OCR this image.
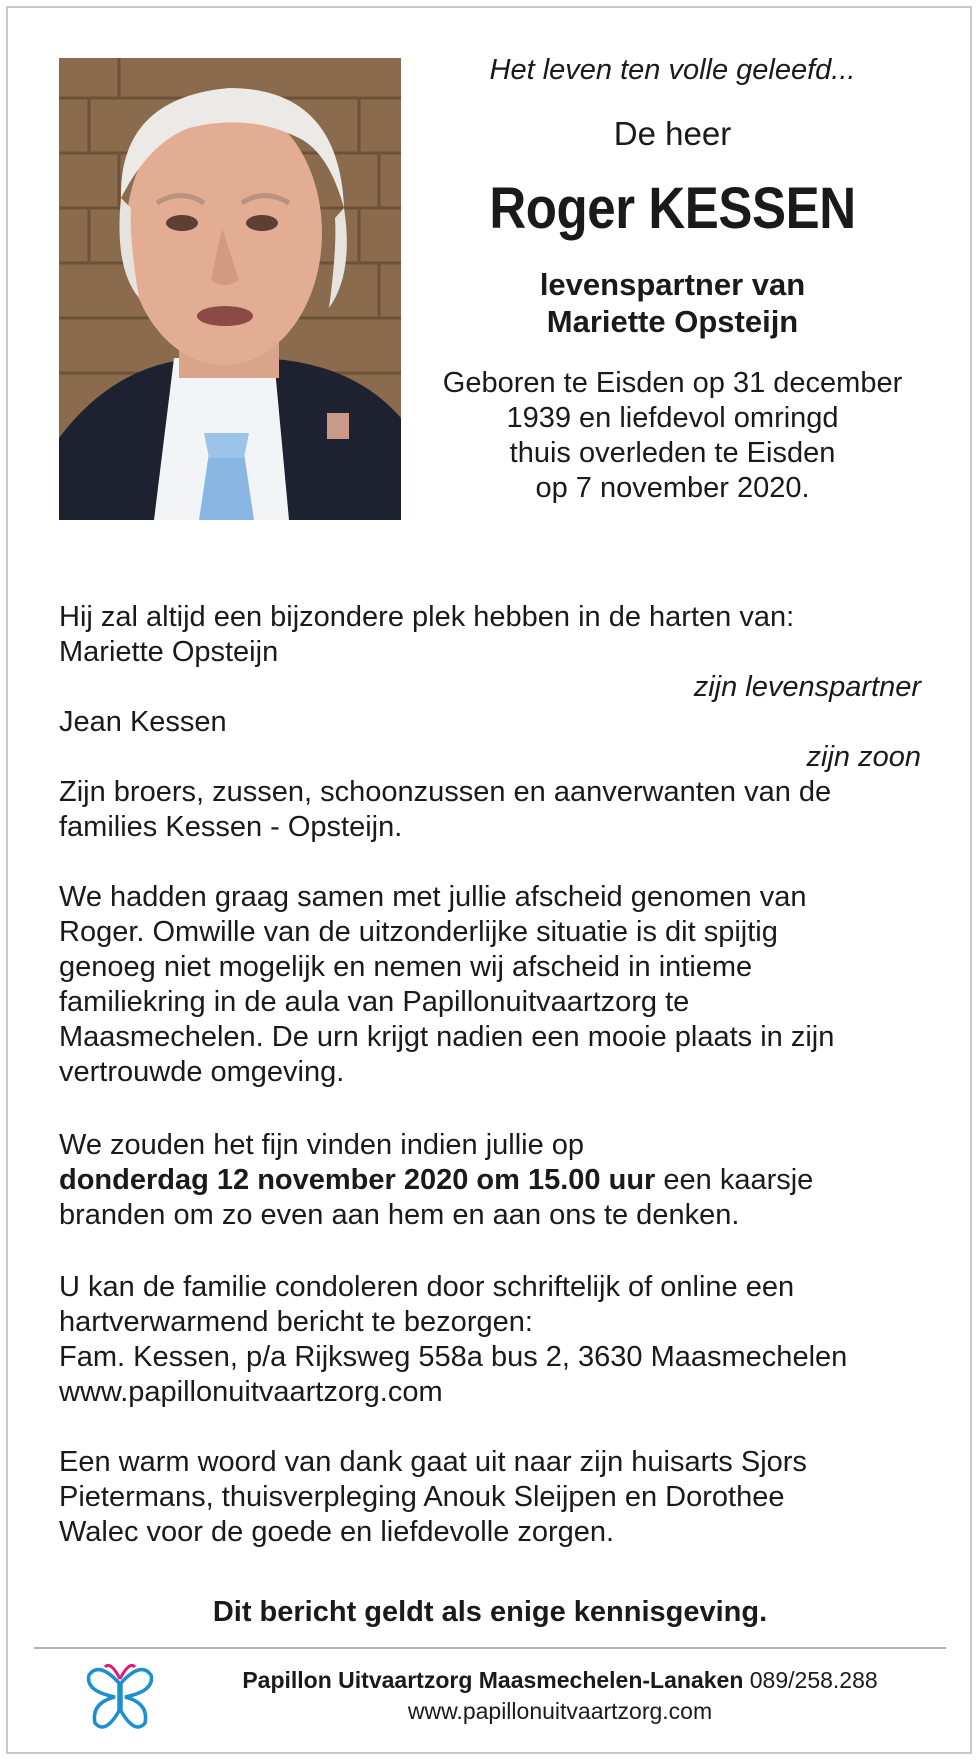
Het leven ten volle geleefd...

De heer

Roger KESSEN

levenspartner van

Mariette Opsteijn

Geboren te Eisden op 31 december
1939 en liefdevol omringd
thuis overleden te Eisden
op 7 november 2020.

Hij zal altijd een bijzondere plek hebben in de harten van:

Mariette Opsteijn

zijn levenspartner

Jean Kessen

zijn zoon

Zijn broers, zussen, schoonzussen en aanverwanten van de

families Kessen - Opsteijn.

We hadden graag samen met jullie afscheid genomen van

Roger. Omwille van de uitzonderlijke situatie is dit spijtig

genoeg niet mogelijk en nemen wij afscheid in intieme

familiekring in de aula van Papillonuitvaartzorg te

Maasmechelen. De urn krijgt nadien een mooie plaats in zijn

vertrouwde omgeving.

We zouden het fijn vinden indien jullie op

donderdag 12 november 2020 om 15.00 uur een kaarsje

branden om zo even aan hem en aan ons te denken.

U kan de familie condoleren door schriftelijk of online een

hartverwarmend bericht te bezorgen:

Fam. Kessen, p/a Rijksweg 558a bus 2, 3630 Maasmechelen

www.papillonuitvaartzorg.com

Een warm woord van dank gaat uit naar zijn huisarts Sjors

Pietermans, thuisverpleging Anouk Sleijpen en Dorothee

Walec voor de goede en liefdevolle zorgen.

Dit bericht geldt als enige kennisgeving.
Papillon Uitvaartzorg Maasmechelen-Lanaken 089/258.288
www.papillonuitvaartzorg.com
